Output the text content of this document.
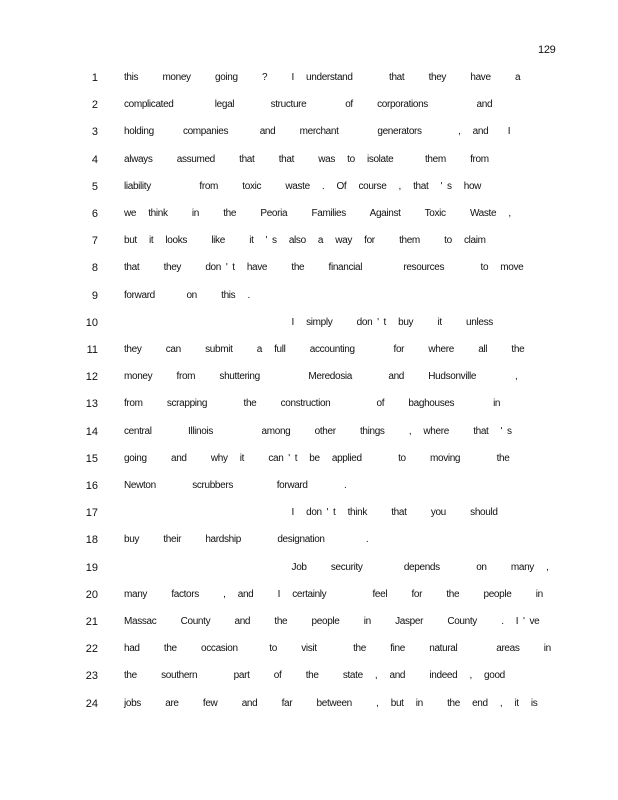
129
1	this          money          going          ?          I     understand               that          they          have          a
2	complicated                 legal               structure                of          corporations                    and
3	holding            companies             and          merchant                generators               ,     and        I
4	always          assumed          that          that          was     to     isolate             them          from
5	liability                    from          toxic          waste     .     Of     course     ,     that     '  s     how
6	we     think          in          the          Peoria          Families          Against          Toxic          Waste     ,
7	but     it     looks          like          it     '  s     also     a     way     for          them          to     claim
8	that          they          don  '  t     have          the          financial                 resources               to     move
9	forward             on          this     .
10	I     simply          don  '  t     buy          it          unless
11	they          can          submit          a     full          accounting                for          where          all          the
12	money          from          shuttering                    Meredosia               and          Hudsonville                ,
13	from          scrapping               the          construction                   of          baghouses                in
14	central               Illinois                    among          other          things          ,     where          that     '  s
15	going          and          why     it          can  '  t     be     applied               to          moving               the
16	Newton               scrubbers                  forward               .
17	I     don  '  t     think          that          you          should
18	buy          their          hardship               designation                 .
19	Job          security                 depends               on          many     ,
20	many          factors          ,     and          I     certainly                   feel          for          the          people          in
21	Massac          County          and          the          people          in          Jasper          County          .     I  '  ve
22	had          the          occasion             to          visit               the          fine          natural                areas          in
23	the          southern               part          of          the          state     ,     and          indeed     ,     good
24	jobs          are          few          and          far          between          ,     but     in          the     end     ,     it     is
